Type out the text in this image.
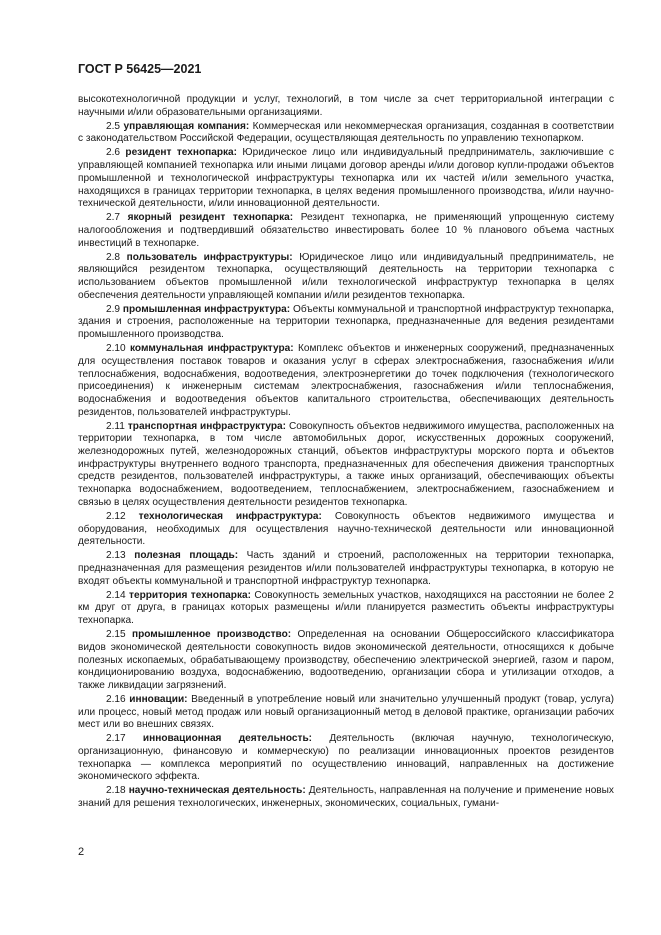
ГОСТ Р 56425—2021

высокотехнологичной продукции и услуг, технологий, в том числе за счет территориальной интеграции с научными и/или образовательными организациями.

2.5 управляющая компания: Коммерческая или некоммерческая организация, созданная в соответствии с законодательством Российской Федерации, осуществляющая деятельность по управлению технопарком.

2.6 резидент технопарка: Юридическое лицо или индивидуальный предприниматель, заключившие с управляющей компанией технопарка или иными лицами договор аренды и/или договор купли-продажи объектов промышленной и технологической инфраструктуры технопарка или их частей и/или земельного участка, находящихся в границах территории технопарка, в целях ведения промышленного производства, и/или научно-технической деятельности, и/или инновационной деятельности.

2.7 якорный резидент технопарка: Резидент технопарка, не применяющий упрощенную систему налогообложения и подтвердивший обязательство инвестировать более 10 % планового объема частных инвестиций в технопарке.

2.8 пользователь инфраструктуры: Юридическое лицо или индивидуальный предприниматель, не являющийся резидентом технопарка, осуществляющий деятельность на территории технопарка с использованием объектов промышленной и/или технологической инфраструктур технопарка в целях обеспечения деятельности управляющей компании и/или резидентов технопарка.

2.9 промышленная инфраструктура: Объекты коммунальной и транспортной инфраструктур технопарка, здания и строения, расположенные на территории технопарка, предназначенные для ведения резидентами промышленного производства.

2.10 коммунальная инфраструктура: Комплекс объектов и инженерных сооружений, предназначенных для осуществления поставок товаров и оказания услуг в сферах электроснабжения, газоснабжения и/или теплоснабжения, водоснабжения, водоотведения, электроэнергетики до точек подключения (технологического присоединения) к инженерным системам электроснабжения, газоснабжения и/или теплоснабжения, водоснабжения и водоотведения объектов капитального строительства, обеспечивающих деятельность резидентов, пользователей инфраструктуры.

2.11 транспортная инфраструктура: Совокупность объектов недвижимого имущества, расположенных на территории технопарка, в том числе автомобильных дорог, искусственных дорожных сооружений, железнодорожных путей, железнодорожных станций, объектов инфраструктуры морского порта и объектов инфраструктуры внутреннего водного транспорта, предназначенных для обеспечения движения транспортных средств резидентов, пользователей инфраструктуры, а также иных организаций, обеспечивающих объекты технопарка водоснабжением, водоотведением, теплоснабжением, электроснабжением, газоснабжением и связью в целях осуществления деятельности резидентов технопарка.

2.12 технологическая инфраструктура: Совокупность объектов недвижимого имущества и оборудования, необходимых для осуществления научно-технической деятельности или инновационной деятельности.

2.13 полезная площадь: Часть зданий и строений, расположенных на территории технопарка, предназначенная для размещения резидентов и/или пользователей инфраструктуры технопарка, в которую не входят объекты коммунальной и транспортной инфраструктур технопарка.

2.14 территория технопарка: Совокупность земельных участков, находящихся на расстоянии не более 2 км друг от друга, в границах которых размещены и/или планируется разместить объекты инфраструктуры технопарка.

2.15 промышленное производство: Определенная на основании Общероссийского классификатора видов экономической деятельности совокупность видов экономической деятельности, относящихся к добыче полезных ископаемых, обрабатывающему производству, обеспечению электрической энергией, газом и паром, кондиционированию воздуха, водоснабжению, водоотведению, организации сбора и утилизации отходов, а также ликвидации загрязнений.

2.16 инновации: Введенный в употребление новый или значительно улучшенный продукт (товар, услуга) или процесс, новый метод продаж или новый организационный метод в деловой практике, организации рабочих мест или во внешних связях.

2.17 инновационная деятельность: Деятельность (включая научную, технологическую, организационную, финансовую и коммерческую) по реализации инновационных проектов резидентов технопарка — комплекса мероприятий по осуществлению инноваций, направленных на достижение экономического эффекта.

2.18 научно-техническая деятельность: Деятельность, направленная на получение и применение новых знаний для решения технологических, инженерных, экономических, социальных, гумани-

2
